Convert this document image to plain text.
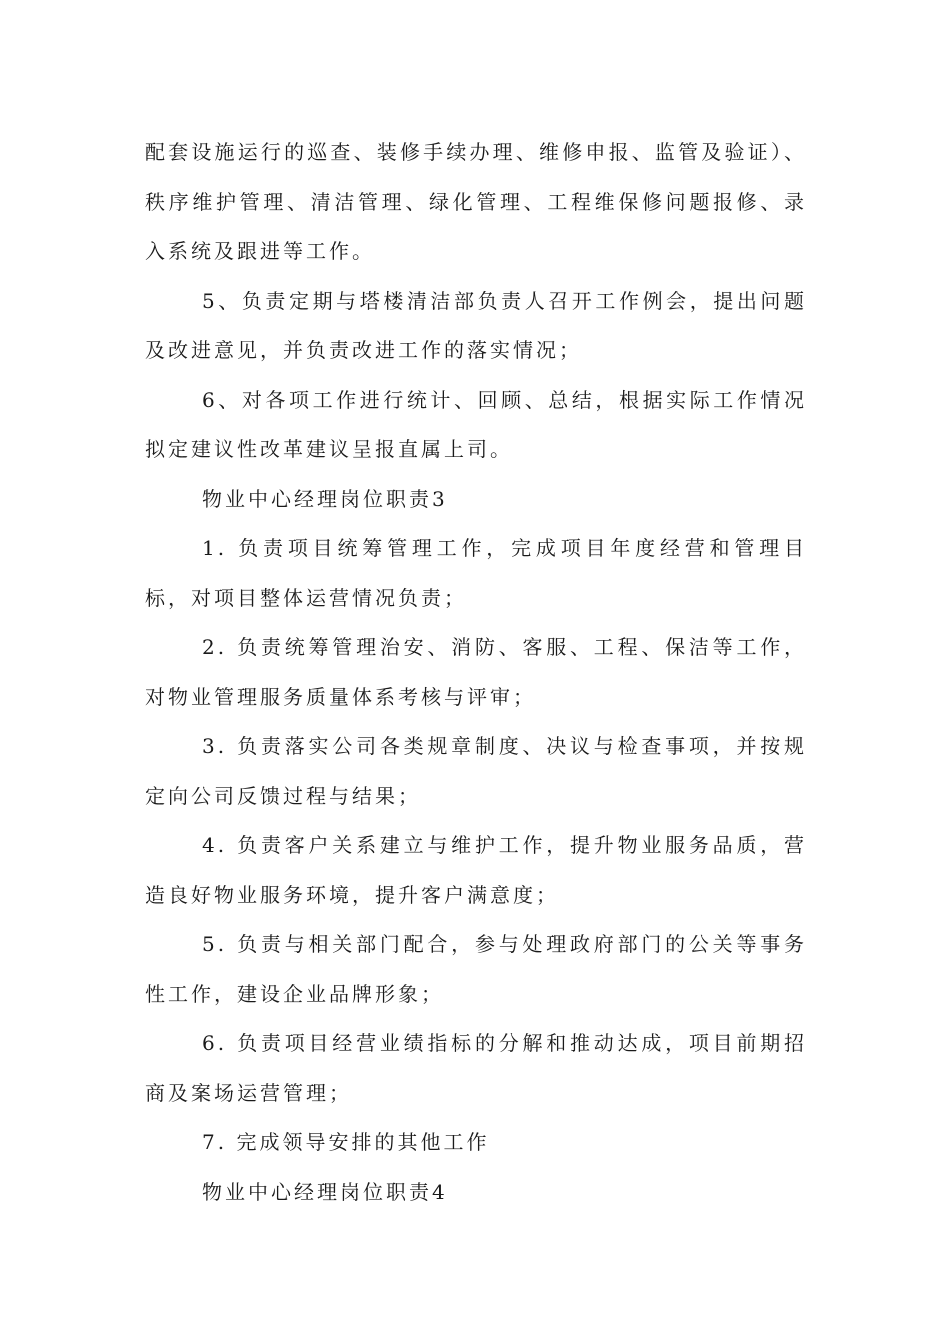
配套设施运行的巡查、装修手续办理、维修申报、监管及验证）、秩序维护管理、清洁管理、绿化管理、工程维保修问题报修、录入系统及跟进等工作。

5、负责定期与塔楼清洁部负责人召开工作例会，提出问题及改进意见，并负责改进工作的落实情况；

6、对各项工作进行统计、回顾、总结，根据实际工作情况拟定建议性改革建议呈报直属上司。

物业中心经理岗位职责3

1. 负责项目统筹管理工作，完成项目年度经营和管理目标，对项目整体运营情况负责；

2. 负责统筹管理治安、消防、客服、工程、保洁等工作，对物业管理服务质量体系考核与评审；

3. 负责落实公司各类规章制度、决议与检查事项，并按规定向公司反馈过程与结果；

4. 负责客户关系建立与维护工作，提升物业服务品质，营造良好物业服务环境，提升客户满意度；

5. 负责与相关部门配合，参与处理政府部门的公关等事务性工作，建设企业品牌形象；

6. 负责项目经营业绩指标的分解和推动达成，项目前期招商及案场运营管理；

7. 完成领导安排的其他工作

物业中心经理岗位职责4
